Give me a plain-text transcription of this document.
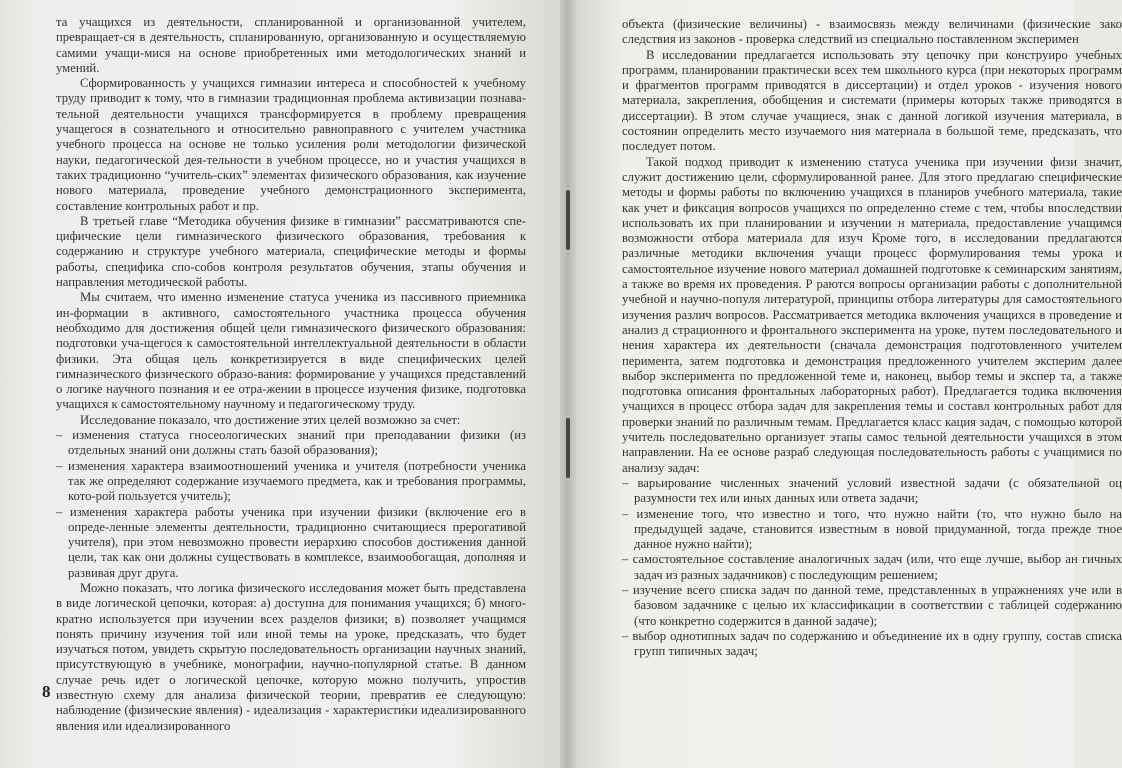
та учащихся из деятельности, спланированной и организованной учителем, превращает-ся в деятельность, спланированную, организованную и осуществляемую самими учащи-мися на основе приобретенных ими методологических знаний и умений.

Сформированность у учащихся гимназии интереса и способностей к учебному труду приводит к тому, что в гимназии традиционная проблема активизации познава-тельной деятельности учащихся трансформируется в проблему превращения учащегося в сознательного и относительно равноправного с учителем участника учебного процесса на основе не только усиления роли методологии физической науки, педагогической дея-тельности в учебном процессе, но и участия учащихся в таких традиционно “учитель-ских” элементах физического образования, как изучение нового материала, проведение учебного демонстрационного эксперимента, составление контрольных работ и пр.

В третьей главе “Методика обучения физике в гимназии” рассматриваются спе-цифические цели гимназического физического образования, требования к содержанию и структуре учебного материала, специфические методы и формы работы, специфика спо-собов контроля результатов обучения, этапы обучения и направления методической работы.

Мы считаем, что именно изменение статуса ученика из пассивного приемника ин-формации в активного, самостоятельного участника процесса обучения необходимо для достижения общей цели гимназического физического образования: подготовки уча-щегося к самостоятельной интеллектуальной деятельности в области физики. Эта общая цель конкретизируется в виде специфических целей гимназического физического образо-вания: формирование у учащихся представлений о логике научного познания и ее отра-жении в процессе изучения физике, подготовка учащихся к самостоятельному научному и педагогическому труду.

Исследование показало, что достижение этих целей возможно за счет:

– изменения статуса гносеологических знаний при преподавании физики (из отдельных знаний они должны стать базой образования);

– изменения характера взаимоотношений ученика и учителя (потребности ученика так же определяют содержание изучаемого предмета, как и требования программы, кото-рой пользуется учитель);

– изменения характера работы ученика при изучении физики (включение его в опреде-ленные элементы деятельности, традиционно считающиеся прерогативой учителя), при этом невозможно провести иерархию способов достижения данной цели, так как они должны существовать в комплексе, взаимообогащая, дополняя и развивая друг друга.

Можно показать, что логика физического исследования может быть представлена в виде логической цепочки, которая: а) доступна для понимания учащихся; б) много-кратно используется при изучении всех разделов физики; в) позволяет учащимся понять причину изучения той или иной темы на уроке, предсказать, что будет изучаться потом, увидеть скрытую последовательность организации научных знаний, присутствующую в учебнике, монографии, научно-популярной статье. В данном случае речь идет о логической цепочке, которую можно получить, упростив известную схему для анализа физической теории, превратив ее следующую: наблюдение (физические явления) - идеализация - характеристики идеализированного явления или идеализированного

8

объекта (физические величины) - взаимосвязь между величинами (физические зако следствия из законов - проверка следствий из специально поставленном эксперимен

В исследовании предлагается использовать эту цепочку при конструиро учебных программ, планировании практически всех тем школьного курса (при некоторых программ и фрагментов программ приводятся в диссертации) и отдел уроков - изучения нового материала, закрепления, обобщения и системати (примеры которых также приводятся в диссертации). В этом случае учащиеся, знак с данной логикой изучения материала, в состоянии определить место изучаемого ния материала в большой теме, предсказать, что последует потом.

Такой подход приводит к изменению статуса ученика при изучении физи значит, служит достижению цели, сформулированной ранее. Для этого предлагаю специфические методы и формы работы по включению учащихся в планиров учебного материала, такие как учет и фиксация вопросов учащихся по определенно стеме с тем, чтобы впоследствии использовать их при планировании и изучении н материала, предоставление учащимся возможности отбора материала для изуч Кроме того, в исследовании предлагаются различные методики включения учащи процесс формулирования темы урока и самостоятельное изучение нового материал домашней подготовке к семинарским занятиям, а также во время их проведения. Р раются вопросы организации работы с дополнительной учебной и научно-популя литературой, принципы отбора литературы для самостоятельного изучения различ вопросов. Рассматривается методика включения учащихся в проведение и анализ д страционного и фронтального эксперимента на уроке, путем последовательного и нения характера их деятельности (сначала демонстрация подготовленного учителем перимента, затем подготовка и демонстрация предложенного учителем эксперим далее выбор эксперимента по предложенной теме и, наконец, выбор темы и экспер та, а также подготовка описания фронтальных лабораторных работ). Предлагается тодика включения учащихся в процесс отбора задач для закрепления темы и составл контрольных работ для проверки знаний по различным темам. Предлагается класс кация задач, с помощью которой учитель последовательно организует этапы самос тельной деятельности учащихся в этом направлении. На ее основе разраб следующая последовательность работы с учащимися по анализу задач:

– варьирование численных значений условий известной задачи (с обязательной оц разумности тех или иных данных или ответа задачи;

– изменение того, что известно и того, что нужно найти (то, что нужно было на предыдущей задаче, становится известным в новой придуманной, тогда прежде тное данное нужно найти);

– самостоятельное составление аналогичных задач (или, что еще лучше, выбор ан гичных задач из разных задачников) с последующим решением;

– изучение всего списка задач по данной теме, представленных в упражнениях уче или в базовом задачнике с целью их классификации в соответствии с таблицей содержанию (что конкретно содержится в данной задаче);

– выбор однотипных задач по содержанию и объединение их в одну группу, состав списка групп типичных задач;
